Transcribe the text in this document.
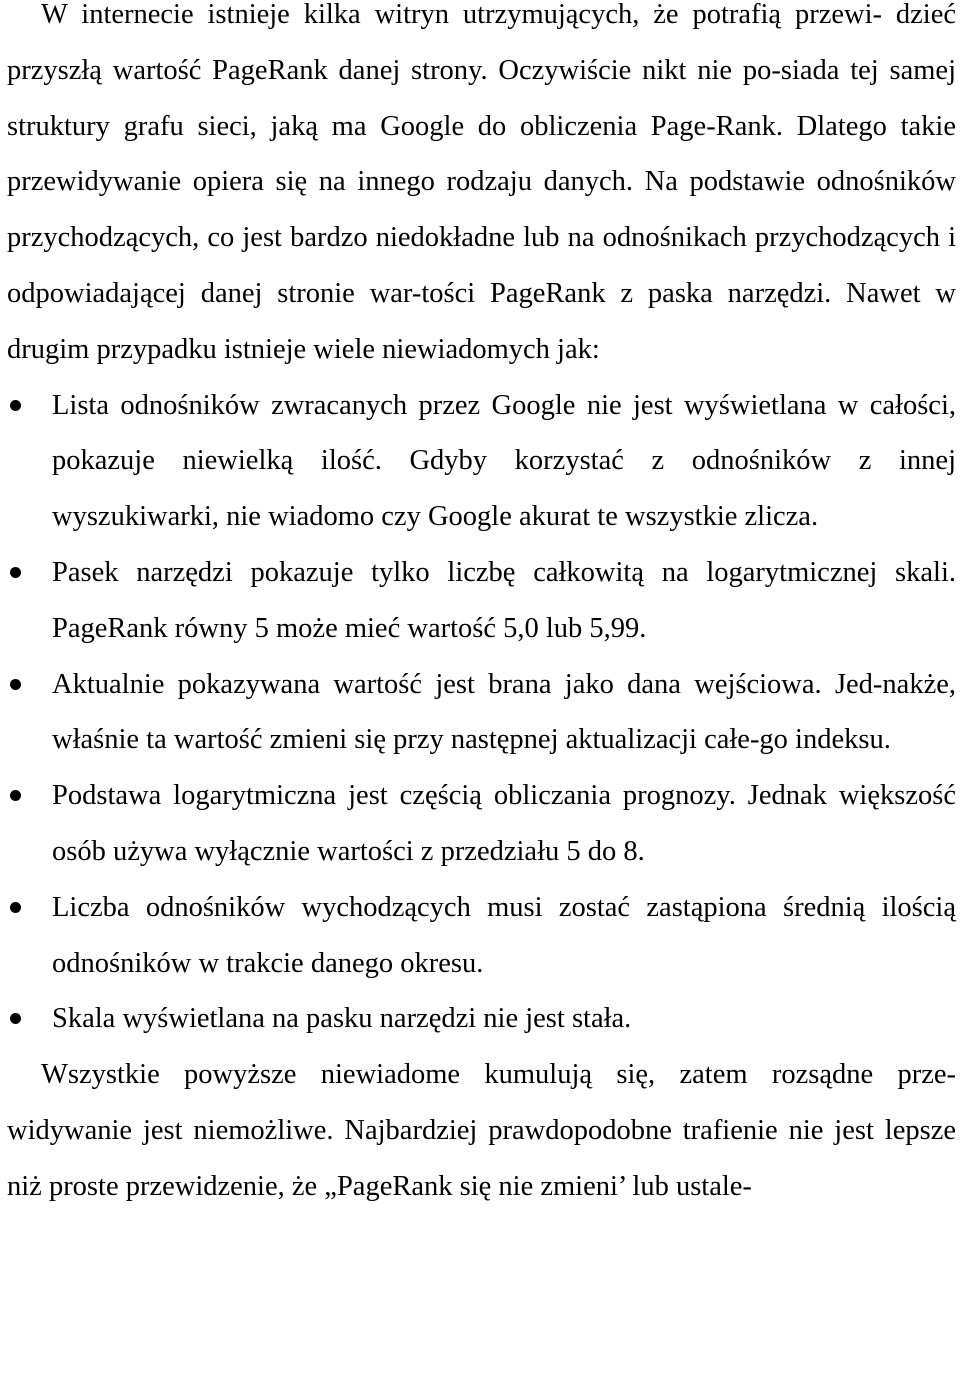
W internecie istnieje kilka witryn utrzymujących, że potrafią przewi- dzieć przyszłą wartość PageRank danej strony. Oczywiście nikt nie po-siada tej samej struktury grafu sieci, jaką ma Google do obliczenia Page-Rank. Dlatego takie przewidywanie opiera się na innego rodzaju danych. Na podstawie odnośników przychodzących, co jest bardzo niedokładne lub na odnośnikach przychodzących i odpowiadającej danej stronie war-tości PageRank z paska narzędzi. Nawet w drugim przypadku istnieje wiele niewiadomych jak:

Lista odnośników zwracanych przez Google nie jest wyświetlana w całości, pokazuje niewielką ilość. Gdyby korzystać z odnośników z innej wyszukiwarki, nie wiadomo czy Google akurat te wszystkie zlicza.
Pasek narzędzi pokazuje tylko liczbę całkowitą na logarytmicznej skali. PageRank równy 5 może mieć wartość 5,0 lub 5,99.
Aktualnie pokazywana wartość jest brana jako dana wejściowa. Jed-nakże, właśnie ta wartość zmieni się przy następnej aktualizacji całe-go indeksu.
Podstawa logarytmiczna jest częścią obliczania prognozy. Jednak większość osób używa wyłącznie wartości z przedziału 5 do 8.
Liczba odnośników wychodzących musi zostać zastąpiona średnią ilością odnośników w trakcie danego okresu.
Skala wyświetlana na pasku narzędzi nie jest stała.

Wszystkie powyższe niewiadome kumulują się, zatem rozsądne prze-widywanie jest niemożliwe. Najbardziej prawdopodobne trafienie nie jest lepsze niż proste przewidzenie, że „PageRank się nie zmieni’ lub ustale-
